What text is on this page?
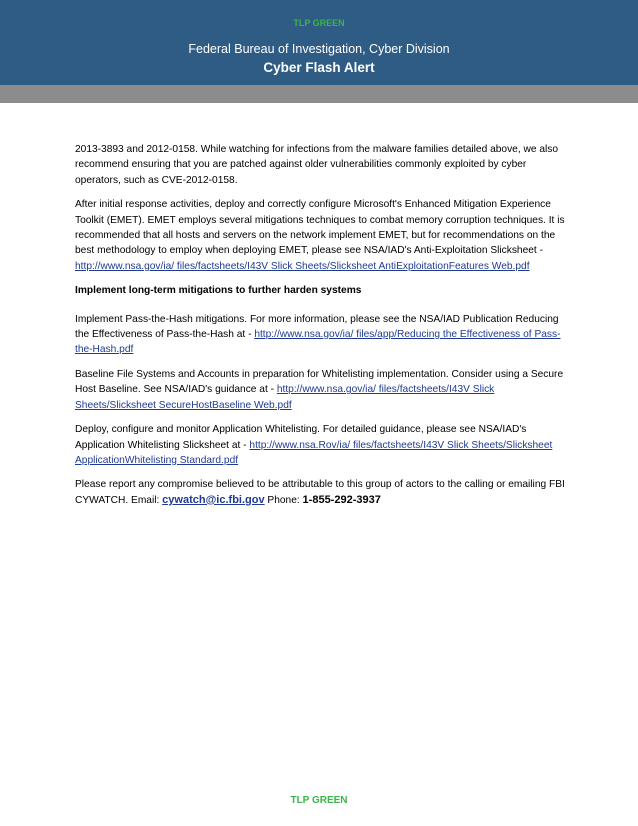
TLP GREEN
Federal Bureau of Investigation, Cyber Division
Cyber Flash Alert

2013-3893 and 2012-0158. While watching for infections from the malware families detailed above, we also recommend ensuring that you are patched against older vulnerabilities commonly exploited by cyber operators, such as CVE-2012-0158.

After initial response activities, deploy and correctly configure Microsoft's Enhanced Mitigation Experience Toolkit (EMET). EMET employs several mitigations techniques to combat memory corruption techniques. It is recommended that all hosts and servers on the network implement EMET, but for recommendations on the best methodology to employ when deploying EMET, please see NSA/IAD's Anti-Exploitation Slicksheet - http://www.nsa.gov/ia/ files/factsheets/I43V Slick Sheets/Slicksheet AntiExploitationFeatures Web.pdf

Implement long-term mitigations to further harden systems

Implement Pass-the-Hash mitigations. For more information, please see the NSA/IAD Publication Reducing the Effectiveness of Pass-the-Hash at - http://www.nsa.gov/ia/ files/app/Reducing the Effectiveness of Pass-the-Hash.pdf

Baseline File Systems and Accounts in preparation for Whitelisting implementation. Consider using a Secure Host Baseline. See NSA/IAD's guidance at - http://www.nsa.gov/ia/ files/factsheets/I43V Slick Sheets/Slicksheet SecureHostBaseline Web.pdf

Deploy, configure and monitor Application Whitelisting. For detailed guidance, please see NSA/IAD's Application Whitelisting Slicksheet at - http://www.nsa.Rov/ia/ files/factsheets/I43V Slick Sheets/Slicksheet ApplicationWhitelisting Standard.pdf

Please report any compromise believed to be attributable to this group of actors to the calling or emailing FBI CYWATCH. Email: cywatch@ic.fbi.gov Phone: 1-855-292-3937

TLP GREEN
